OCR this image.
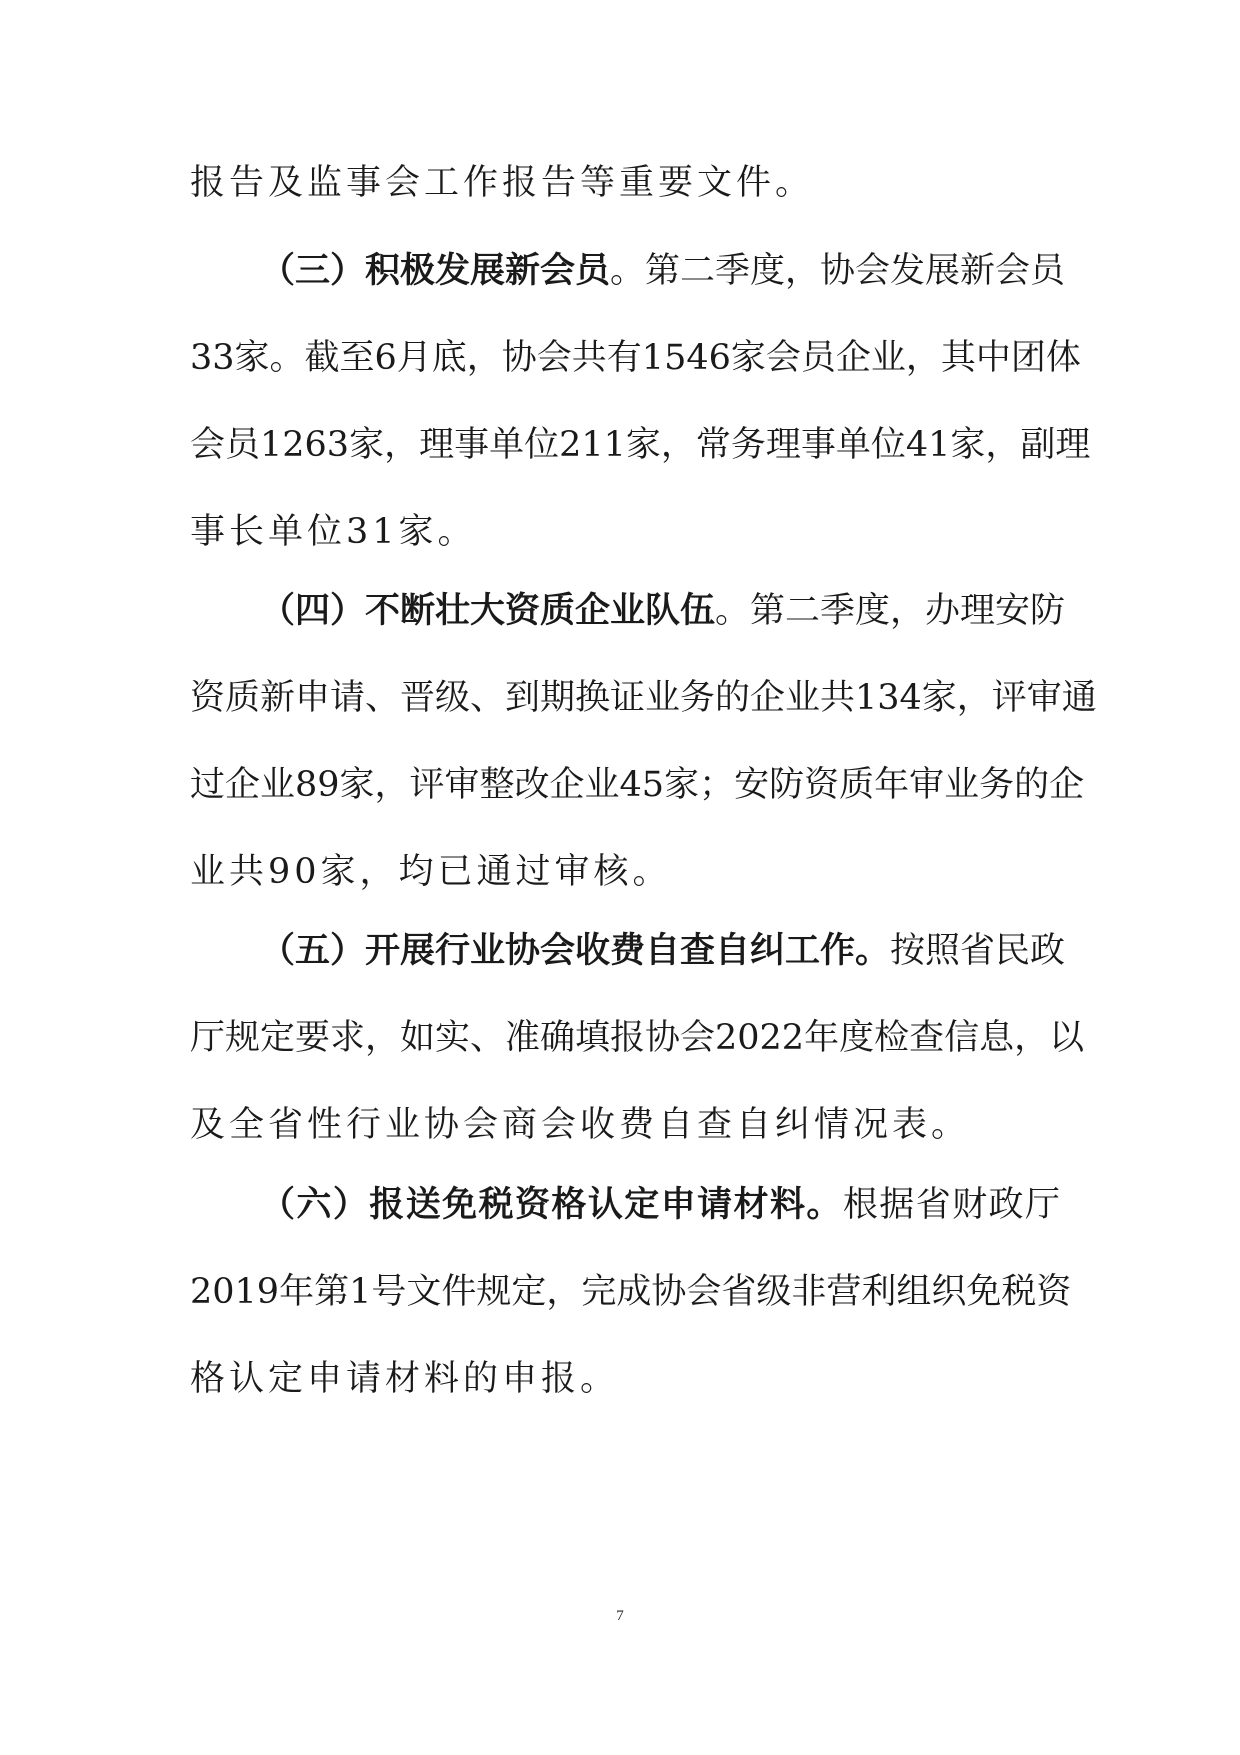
报告及监事会工作报告等重要文件。
（三）积极发展新会员。第二季度，协会发展新会员
33家。截至6月底，协会共有1546家会员企业，其中团体
会员1263家，理事单位211家，常务理事单位41家，副理
事长单位31家。
（四）不断壮大资质企业队伍。第二季度，办理安防
资质新申请、晋级、到期换证业务的企业共134家，评审通
过企业89家，评审整改企业45家；安防资质年审业务的企
业共90家，均已通过审核。
（五）开展行业协会收费自查自纠工作。按照省民政
厅规定要求，如实、准确填报协会2022年度检查信息，以
及全省性行业协会商会收费自查自纠情况表。
（六）报送免税资格认定申请材料。根据省财政厅
2019年第1号文件规定，完成协会省级非营利组织免税资
格认定申请材料的申报。
7
